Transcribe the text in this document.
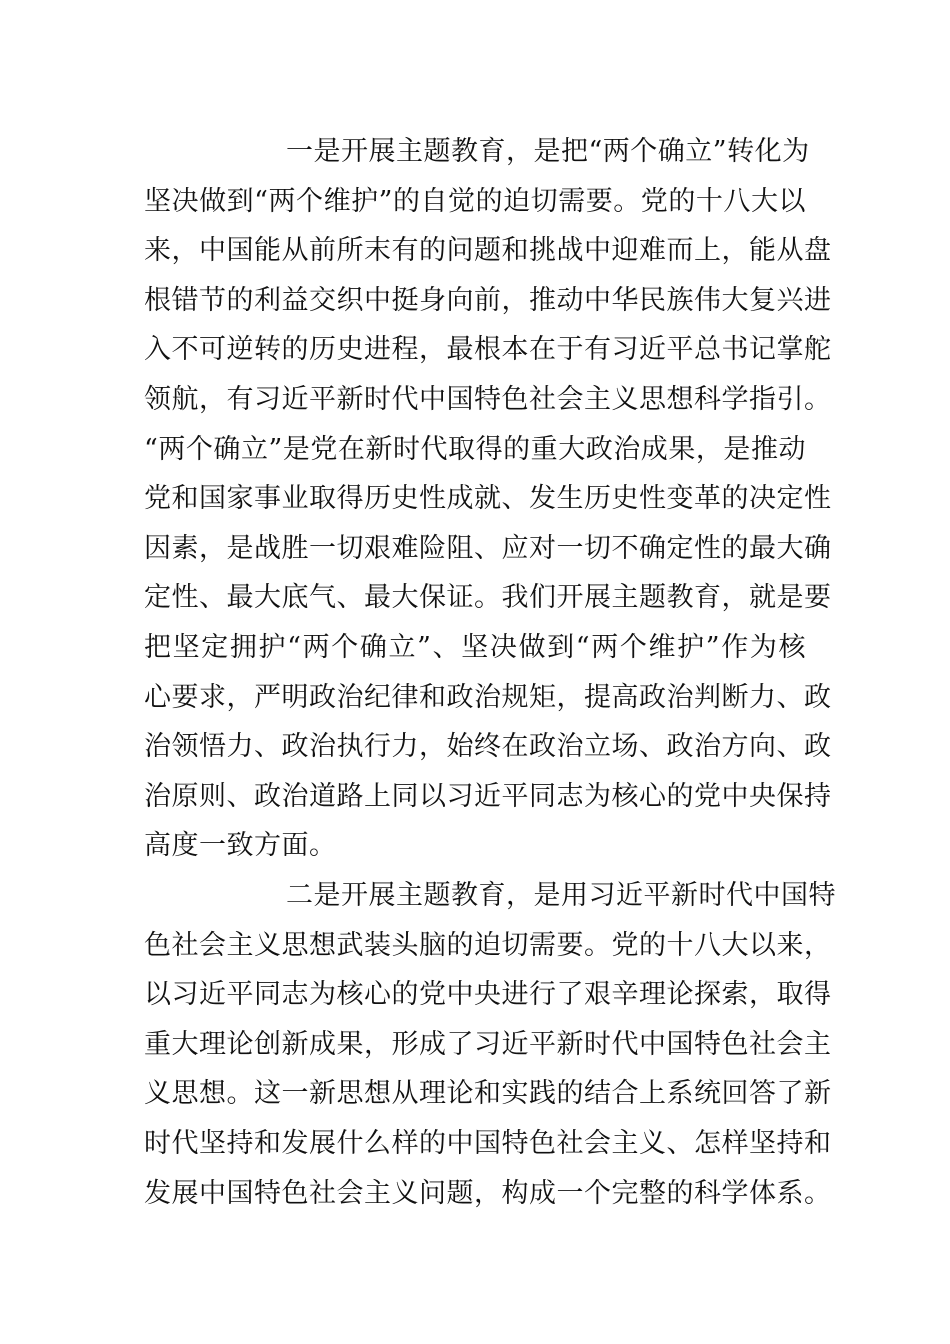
一是开展主题教育，是把“两个确立”转化为
坚决做到“两个维护”的自觉的迫切需要。党的十八大以
来，中国能从前所末有的问题和挑战中迎难而上，能从盘
根错节的利益交织中挺身向前，推动中华民族伟大复兴进
入不可逆转的历史进程，最根本在于有习近平总书记掌舵
领航，有习近平新时代中国特色社会主义思想科学指引。
“两个确立”是党在新时代取得的重大政治成果，是推动
党和国家事业取得历史性成就、发生历史性变革的决定性
因素，是战胜一切艰难险阻、应对一切不确定性的最大确
定性、最大底气、最大保证。我们开展主题教育，就是要
把坚定拥护“两个确立”、坚决做到“两个维护”作为核
心要求，严明政治纪律和政治规矩，提高政治判断力、政
治领悟力、政治执行力，始终在政治立场、政治方向、政
治原则、政治道路上同以习近平同志为核心的党中央保持
高度一致方面。
二是开展主题教育，是用习近平新时代中国特
色社会主义思想武装头脑的迫切需要。党的十八大以来，
以习近平同志为核心的党中央进行了艰辛理论探索，取得
重大理论创新成果，形成了习近平新时代中国特色社会主
义思想。这一新思想从理论和实践的结合上系统回答了新
时代坚持和发展什么样的中国特色社会主义、怎样坚持和
发展中国特色社会主义问题，构成一个完整的科学体系。
